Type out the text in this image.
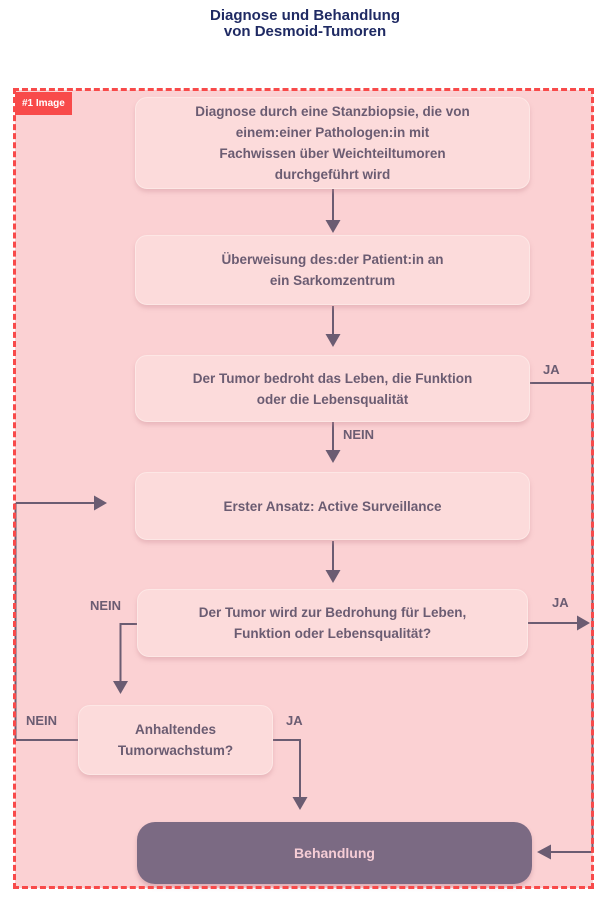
Diagnose und Behandlung
von Desmoid-Tumoren
Diagnose durch eine Stanzbiopsie, die von
einem:einer Pathologen:in mit
Fachwissen über Weichteiltumoren
durchgeführt wird
Überweisung des:der Patient:in an
ein Sarkomzentrum
Der Tumor bedroht das Leben, die Funktion
oder die Lebensqualität
Erster Ansatz: Active Surveillance
Der Tumor wird zur Bedrohung für Leben,
Funktion oder Lebensqualität?
Anhaltendes
Tumorwachstum?
Behandlung
NEIN
JA
NEIN	JA
NEIN	JA
#1 Image
